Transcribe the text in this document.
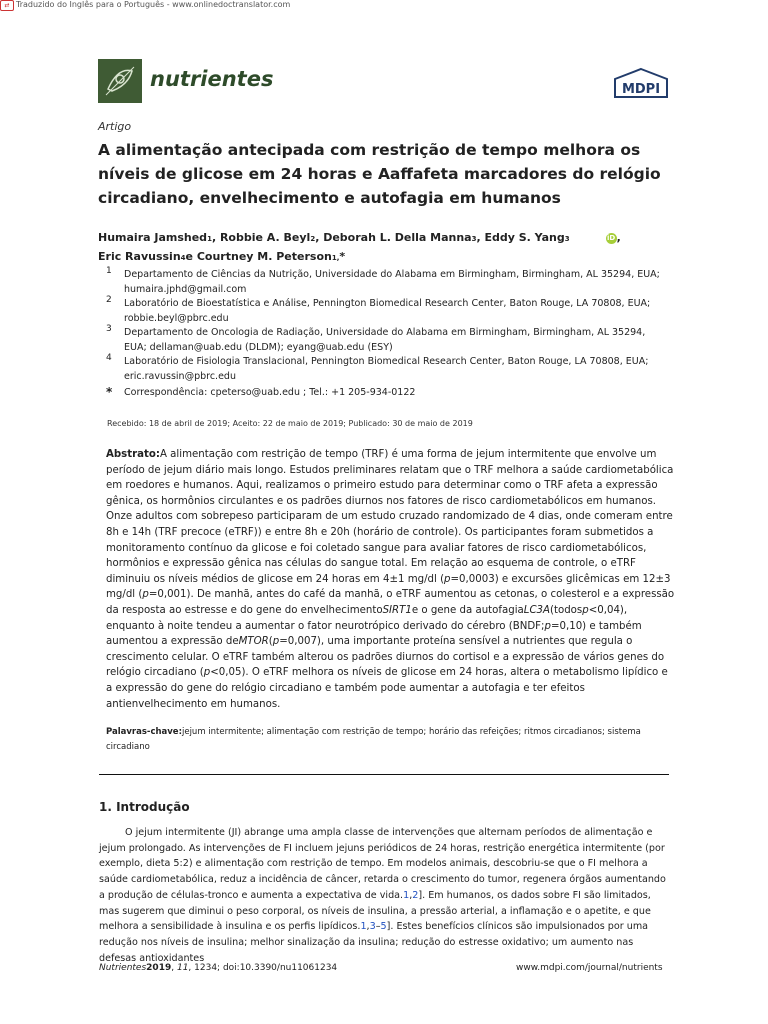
⇄ Traduzido do Inglês para o Português - www.onlinedoctranslator.com
nutrientes	MDPI
Artigo
A alimentação antecipada com restrição de tempo melhora os níveis de glicose em 24 horas e Aaffafeta marcadores do relógio circadiano, envelhecimento e autofagia em humanos
Humaira Jamshed1, Robbie A. Beyl2, Deborah L. Della Manna3, Eddy S. Yang3	iD,
Eric Ravussin4e Courtney M. Peterson1,*
1 Departamento de Ciências da Nutrição, Universidade do Alabama em Birmingham, Birmingham, AL 35294, EUA; humaira.jphd@gmail.com
2 Laboratório de Bioestatística e Análise, Pennington Biomedical Research Center, Baton Rouge, LA 70808, EUA; robbie.beyl@pbrc.edu
3 Departamento de Oncologia de Radiação, Universidade do Alabama em Birmingham, Birmingham, AL 35294, EUA; dellaman@uab.edu (DLDM); eyang@uab.edu (ESY)
4 Laboratório de Fisiologia Translacional, Pennington Biomedical Research Center, Baton Rouge, LA 70808, EUA; eric.ravussin@pbrc.edu
* Correspondência: cpeterso@uab.edu ; Tel.: +1 205-934-0122
Recebido: 18 de abril de 2019; Aceito: 22 de maio de 2019; Publicado: 30 de maio de 2019
Abstrato:A alimentação com restrição de tempo (TRF) é uma forma de jejum intermitente que envolve um período de jejum diário mais longo. Estudos preliminares relatam que o TRF melhora a saúde cardiometabólica em roedores e humanos. Aqui, realizamos o primeiro estudo para determinar como o TRF afeta a expressão gênica, os hormônios circulantes e os padrões diurnos nos fatores de risco cardiometabólicos em humanos. Onze adultos com sobrepeso participaram de um estudo cruzado randomizado de 4 dias, onde comeram entre 8h e 14h (TRF precoce (eTRF)) e entre 8h e 20h (horário de controle). Os participantes foram submetidos a monitoramento contínuo da glicose e foi coletado sangue para avaliar fatores de risco cardiometabólicos, hormônios e expressão gênica nas células do sangue total. Em relação ao esquema de controle, o eTRF diminuiu os níveis médios de glicose em 24 horas em 4±1 mg/dl (p=0,0003) e excursões glicêmicas em 12±3 mg/dl (p=0,001). De manhã, antes do café da manhã, o eTRF aumentou as cetonas, o colesterol e a expressão da resposta ao estresse e do gene do envelhecimentoSIRT1e o gene da autofagiaLC3A(todosp<0,04), enquanto à noite tendeu a aumentar o fator neurotrópico derivado do cérebro (BNDF;p=0,10) e também aumentou a expressão deMTOR(p=0,007), uma importante proteína sensível a nutrientes que regula o crescimento celular. O eTRF também alterou os padrões diurnos do cortisol e a expressão de vários genes do relógio circadiano (p<0,05). O eTRF melhora os níveis de glicose em 24 horas, altera o metabolismo lipídico e a expressão do gene do relógio circadiano e também pode aumentar a autofagia e ter efeitos antienvelhecimento em humanos.
Palavras-chave:jejum intermitente; alimentação com restrição de tempo; horário das refeições; ritmos circadianos; sistema circadiano
1. Introdução
O jejum intermitente (JI) abrange uma ampla classe de intervenções que alternam períodos de alimentação e jejum prolongado. As intervenções de FI incluem jejuns periódicos de 24 horas, restrição energética intermitente (por exemplo, dieta 5:2) e alimentação com restrição de tempo. Em modelos animais, descobriu-se que o FI melhora a saúde cardiometabólica, reduz a incidência de câncer, retarda o crescimento do tumor, regenera órgãos aumentando a produção de células-tronco e aumenta a expectativa de vida.1,2]. Em humanos, os dados sobre FI são limitados, mas sugerem que diminui o peso corporal, os níveis de insulina, a pressão arterial, a inflamação e o apetite, e que melhora a sensibilidade à insulina e os perfis lipídicos.1,3–5]. Estes benefícios clínicos são impulsionados por uma redução nos níveis de insulina; melhor sinalização da insulina; redução do estresse oxidativo; um aumento nas defesas antioxidantes
Nutrientes2019, 11, 1234; doi:10.3390/nu11061234	www.mdpi.com/journal/nutrients
